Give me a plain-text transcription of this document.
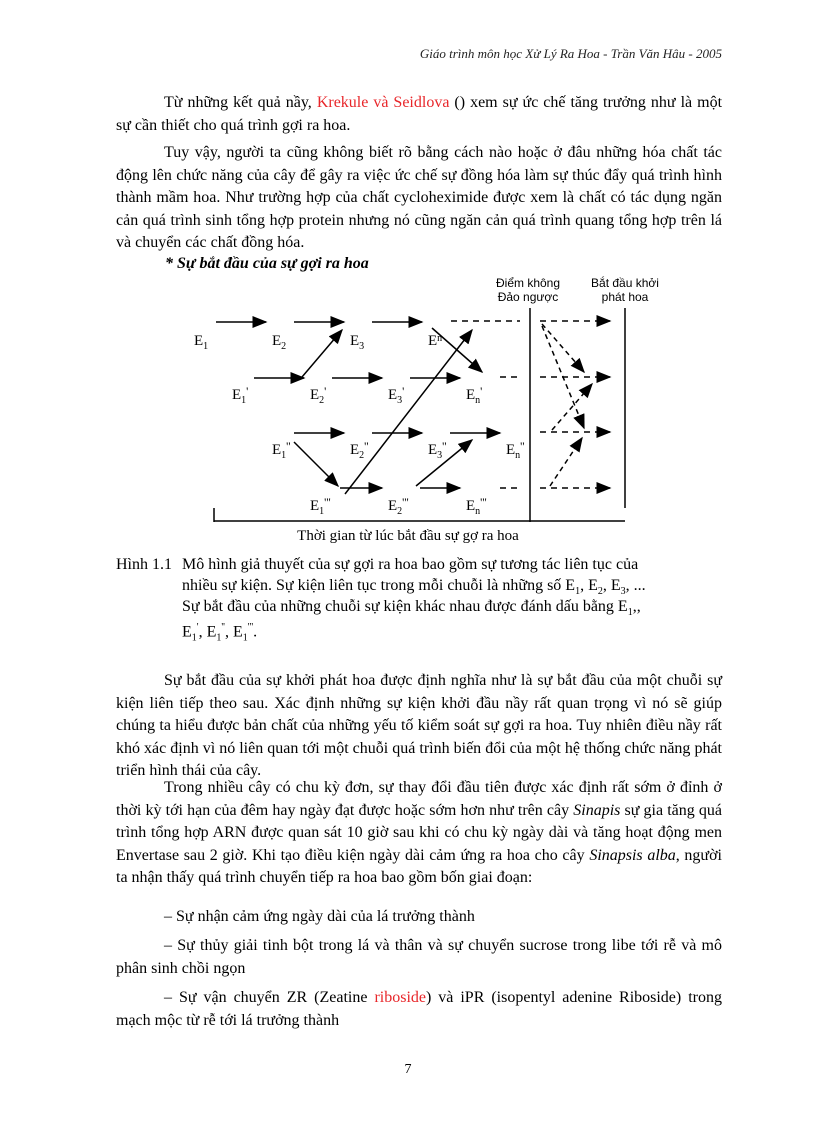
Giáo trình môn học Xử Lý Ra Hoa - Trần Văn Hâu - 2005

Từ những kết quả nầy, Krekule và Seidlova () xem sự ức chế tăng trưởng như là một sự cần thiết cho quá trình gợi ra hoa.

Tuy vậy, người ta cũng không biết rõ bằng cách nào hoặc ở đâu những hóa chất tác động lên chức năng của cây để gây ra việc ức chế sự đồng hóa làm sự thúc đẩy quá trình hình thành mầm hoa. Như trường hợp của chất cycloheximide được xem là chất có tác dụng ngăn cản quá trình sinh tổng hợp protein nhưng nó cũng ngăn cản quá trình quang tổng hợp trên lá và chuyển các chất đồng hóa.

* Sự bắt đầu của sự gợi ra hoa
Điểm không
Đảo ngược
Bắt đầu khởi
phát hoa
Thời gian từ lúc bắt đầu sự gợ ra hoa
$E_1$	$E_2$	$E_3$	$E^n$
$E_1'$	$E_2'$	$E_3'$	$E_n'$
$E_1''$	$E_2''$	$E_3''$	$E_n''$
$E_1'''$	$E_2'''$	$E_n'''$
Hình 1.1 Mô hình giả thuyết của sự gợi ra hoa bao gồm sự tương tác liên tục của
nhiều sự kiện. Sự kiện liên tục trong mỗi chuỗi là những số $E_1$, $E_2$, $E_3$, ...
Sự bắt đầu của những chuỗi sự kiện khác nhau được đánh dấu bằng $E_1$,,
$E_1'$, $E_1''$, $E_1'''$.

Sự bắt đầu của sự khởi phát hoa được định nghĩa như là sự bắt đầu của một chuỗi sự kiện liên tiếp theo sau. Xác định những sự kiện khởi đầu nầy rất quan trọng vì nó sẽ giúp chúng ta hiểu được bản chất của những yếu tố kiểm soát sự gợi ra hoa. Tuy nhiên điều nầy rất khó xác định vì nó liên quan tới một chuỗi quá trình biến đổi của một hệ thống chức năng phát triển hình thái của cây.

Trong nhiều cây có chu kỳ đơn, sự thay đổi đầu tiên được xác định rất sớm ở đỉnh ở thời kỳ tới hạn của đêm hay ngày đạt được hoặc sớm hơn như trên cây Sinapis sự gia tăng quá trình tổng hợp ARN được quan sát 10 giờ sau khi có chu kỳ ngày dài và tăng hoạt động men Envertase sau 2 giờ. Khi tạo điều kiện ngày dài cảm ứng ra hoa cho cây Sinapsis alba, người ta nhận thấy quá trình chuyển tiếp ra hoa bao gồm bốn giai đoạn:

– Sự nhận cảm ứng ngày dài của lá trưởng thành
– Sự thủy giải tinh bột trong lá và thân và sự chuyển sucrose trong libe tới rễ và mô phân sinh chồi ngọn
– Sự vận chuyển ZR (Zeatine riboside) và iPR (isopentyl adenine Riboside) trong mạch mộc từ rễ tới lá trưởng thành
7
